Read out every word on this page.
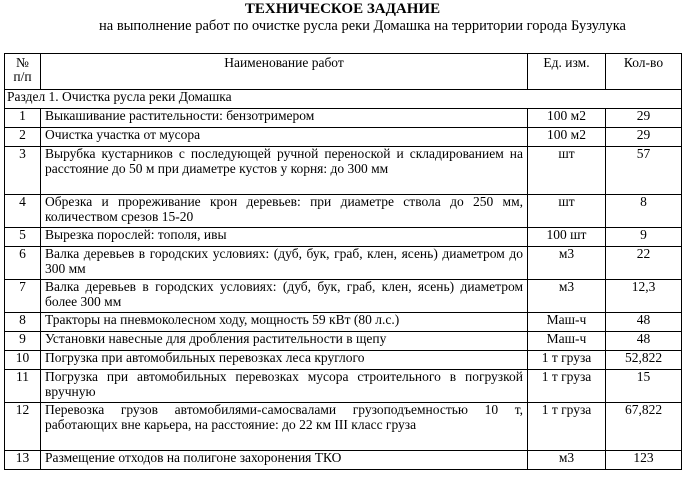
ТЕХНИЧЕСКОЕ ЗАДАНИЕ
на выполнение работ по очистке русла реки Домашка на территории города Бузулука
№ п/п	Наименование работ	Ед. изм.	Кол-во
Раздел 1. Очистка русла реки Домашка			
1	Выкашивание растительности: бензотримером	100 м2	29
2	Очистка участка от мусора	100 м2	29
3	Вырубка кустарников с последующей ручной переноской и складированием на расстояние до 50 м при диаметре кустов у корня: до 300 мм	шт	57
4	Обрезка и прореживание крон деревьев: при диаметре ствола до 250 мм, количеством срезов 15-20	шт	8
5	Вырезка порослей: тополя, ивы	100 шт	9
6	Валка деревьев в городских условиях: (дуб, бук, граб, клен, ясень) диаметром до 300 мм	м3	22
7	Валка деревьев в городских условиях: (дуб, бук, граб, клен, ясень) диаметром более 300 мм	м3	12,3
8	Тракторы на пневмоколесном ходу, мощность 59 кВт (80 л.с.)	Маш-ч	48
9	Установки навесные для дробления растительности в щепу	Маш-ч	48
10	Погрузка при автомобильных перевозках леса круглого	1 т груза	52,822
11	Погрузка при автомобильных перевозках мусора строительного в погрузкой вручную	1 т груза	15
12	Перевозка грузов автомобилями-самосвалами грузоподъемностью 10 т, работающих вне карьера, на расстояние: до 22 км III класс груза	1 т груза	67,822
13	Размещение отходов на полигоне захоронения ТКО	м3	123
